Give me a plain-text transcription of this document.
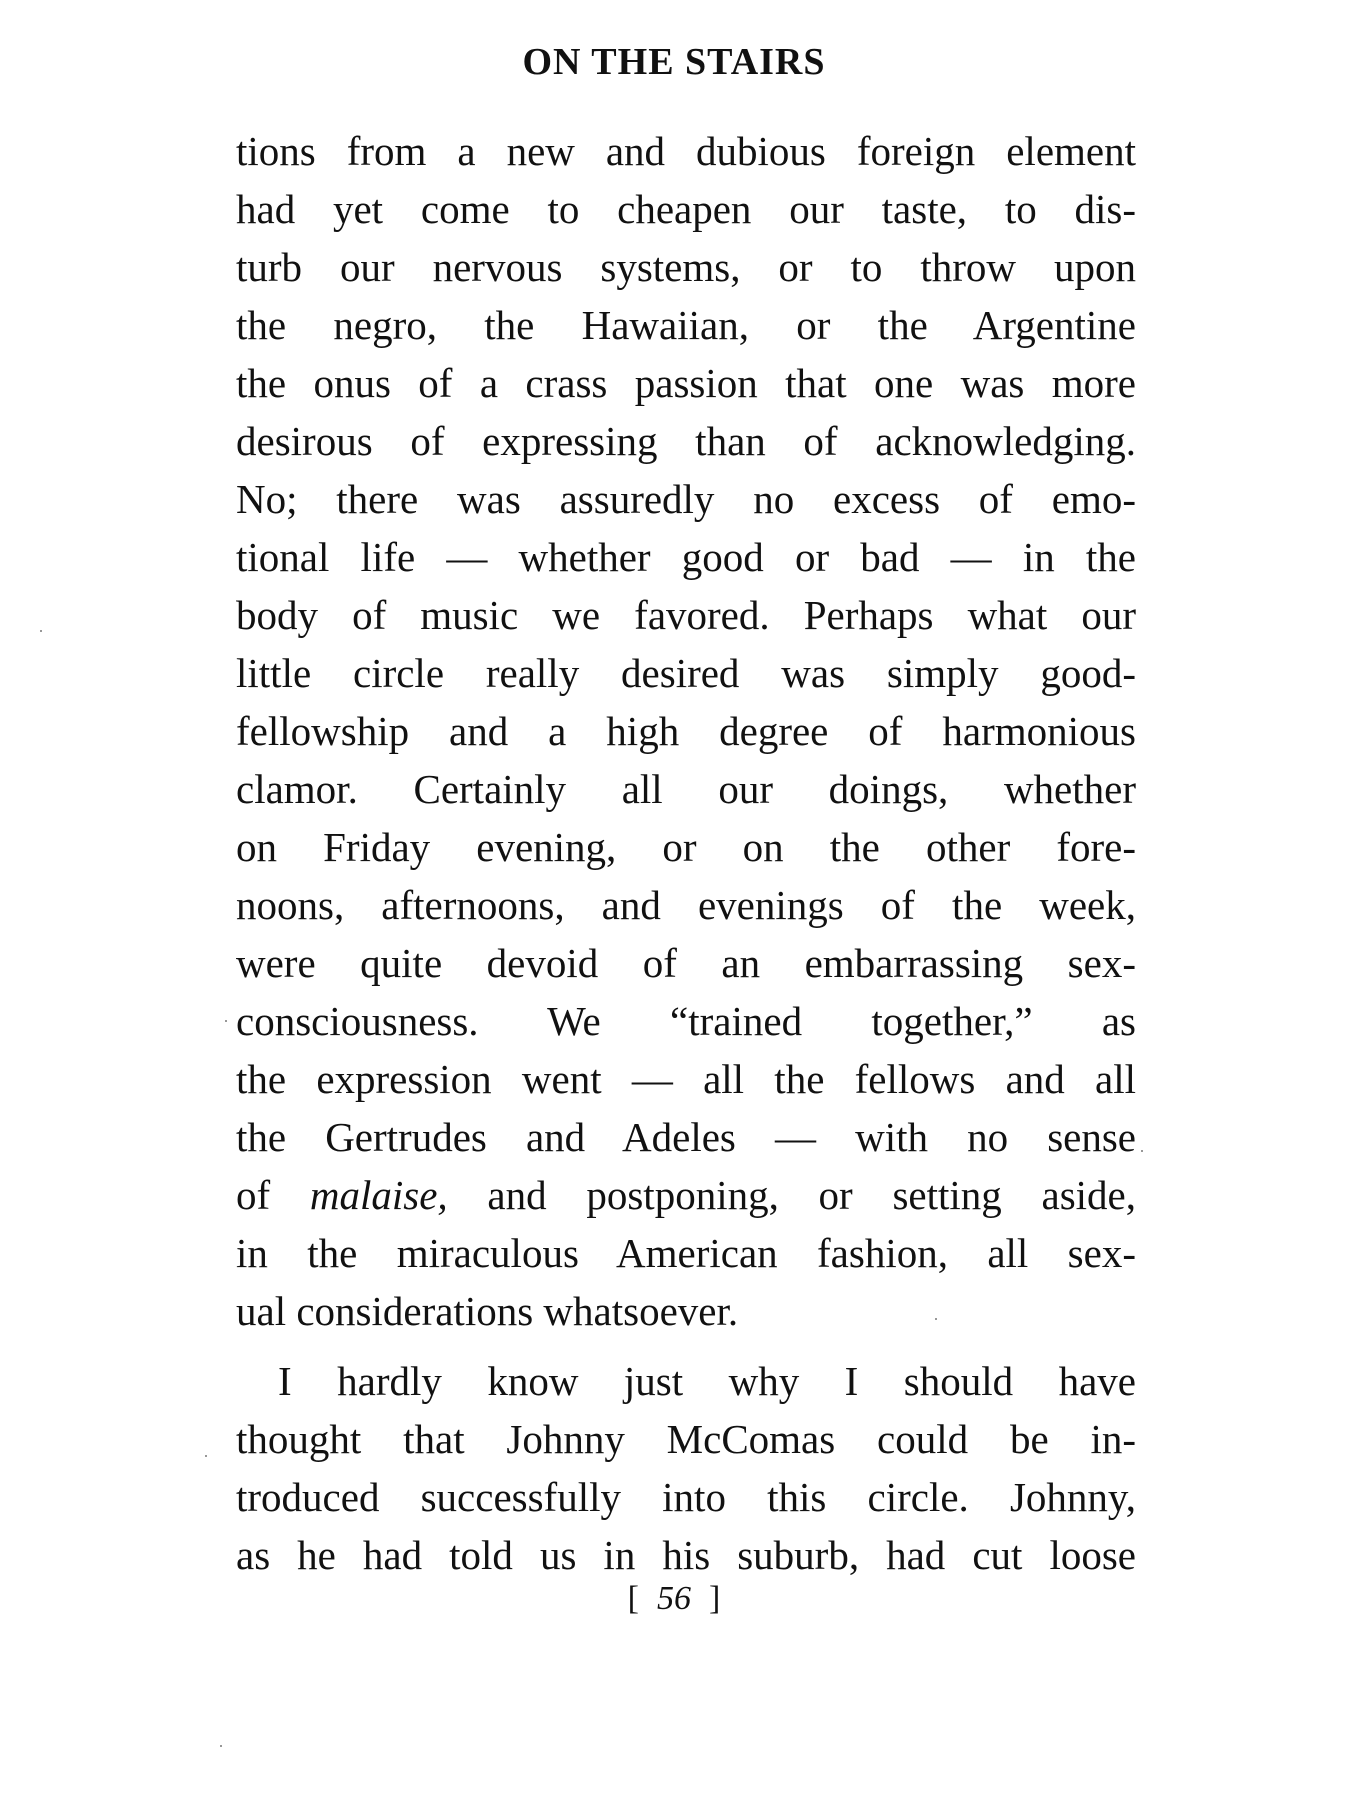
ON THE STAIRS
tions from a new and dubious foreign element
had yet come to cheapen our taste, to dis-
turb our nervous systems, or to throw upon
the negro, the Hawaiian, or the Argentine
the onus of a crass passion that one was more
desirous of expressing than of acknowledging.
No; there was assuredly no excess of emo-
tional life — whether good or bad — in the
body of music we favored. Perhaps what our
little circle really desired was simply good-
fellowship and a high degree of harmonious
clamor. Certainly all our doings, whether
on Friday evening, or on the other fore-
noons, afternoons, and evenings of the week,
were quite devoid of an embarrassing sex-
consciousness. We “trained together,” as
the expression went — all the fellows and all
the Gertrudes and Adeles — with no sense
of malaise, and postponing, or setting aside,
in the miraculous American fashion, all sex-
ual considerations whatsoever.
I hardly know just why I should have
thought that Johnny McComas could be in-
troduced successfully into this circle. Johnny,
as he had told us in his suburb, had cut loose
[ 56 ]
